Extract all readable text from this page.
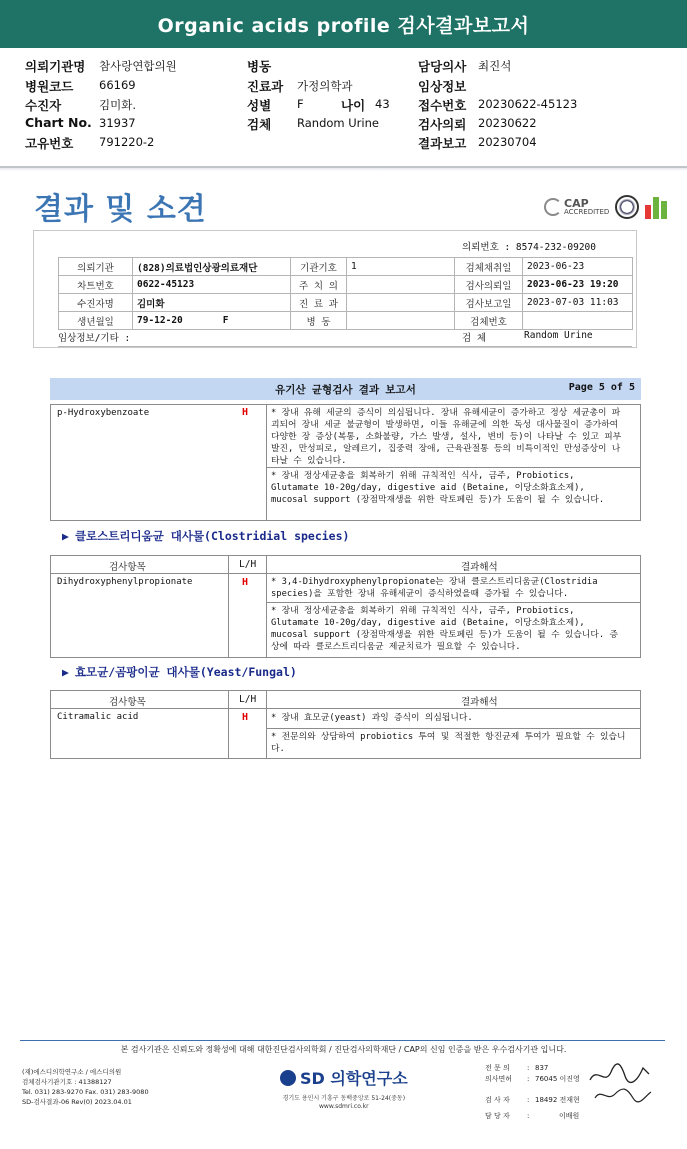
Organic acids profile 검사결과보고서
의뢰기관명 참사랑연합의원
병원코드 66169
수진자	김미화.
Chart No. 31937
고유번호 791220-2
병동
진료과 가정의학과
성별 F	나이 43
검체 Random Urine
담당의사 최진석
임상정보
접수번호 20230622-45123
검사의뢰 20230622
결과보고 20230704
결과 및 소견	CAP
ACCREDITED
의뢰번호 : 8574-232-09200
의뢰기관	(828)의료법인상광의료재단	기관기호	1	검체채취일	2023-06-23
차트번호	0622-45123	주 치 의		검사의뢰일	2023-06-23 19:20
수진자명	김미화	진 료 과		검사보고일	2023-07-03 11:03
생년월일	79-12-20 F	병 동		검체번호	
임상정보/기타 :	검 체	Random Urine
유기산 균형검사 결과 보고서	Page 5 of 5
p-Hydroxybenzoate	H	* 장내 유해 세균의 증식이 의심됩니다. 장내 유해세균이 증가하고 정상 세균총이 파괴되어 장내 세균 불균형이 발생하면, 이들 유해균에 의한 독성 대사물질이 증가하여 다양한 장 증상(복통, 소화불량, 가스 발생, 설사, 변비 등)이 나타날 수 있고 피부발진, 만성피로, 알레르기, 집중력 장애, 근육관절통 등의 비특이적인 만성증상이 나타날 수 있습니다.
* 장내 정상세균총을 회복하기 위해 규칙적인 식사, 금주, Probiotics, Glutamate 10-20g/day, digestive aid (Betaine, 이당소화효소제), mucosal support (장점막재생을 위한 락토페린 등)가 도움이 될 수 있습니다.
▶ 클로스트리디움균 대사물(Clostridial species)
검사항목	L/H	결과해석
Dihydroxyphenylpropionate	H	* 3,4-Dihydroxyphenylpropionate는 장내 클로스트리디움균(Clostridia species)을 포함한 장내 유해세균이 증식하였을때 증가될 수 있습니다.
* 장내 정상세균총을 회복하기 위해 규칙적인 식사, 금주, Probiotics, Glutamate 10-20g/day, digestive aid (Betaine, 이당소화효소제), mucosal support (장점막재생을 위한 락토페린 등)가 도움이 될 수 있습니다. 증상에 따라 클로스트리디움균 제균치료가 필요할 수 있습니다.
▶ 효모균/곰팡이균 대사물(Yeast/Fungal)
검사항목	L/H	결과해석
Citramalic acid	H	* 장내 효모균(yeast) 과잉 증식이 의심됩니다.
* 전문의와 상담하여 probiotics 투여 및 적절한 항진균제 투여가 필요할 수 있습니다.
본 검사기관은 신뢰도와 정확성에 대해 대한진단검사의학회 / 진단검사의학재단 / CAP의 신임 인증을 받은 우수검사기관 입니다.
(재)에스디의학연구소 / 에스디의원
검체검사기관기호 : 41388127
Tel. 031) 283-9270 Fax. 031) 283-9080
SD-검사결과-06 Rev(0) 2023.04.01
SD 의학연구소
경기도 용인시 기흥구 동백중앙로 51-24(중동)
www.sdmri.co.kr
전 문 의 : 837
의사면허 : 76045 이진영
검 사 자 : 18492 전재현
담 당 자 :	이배원
